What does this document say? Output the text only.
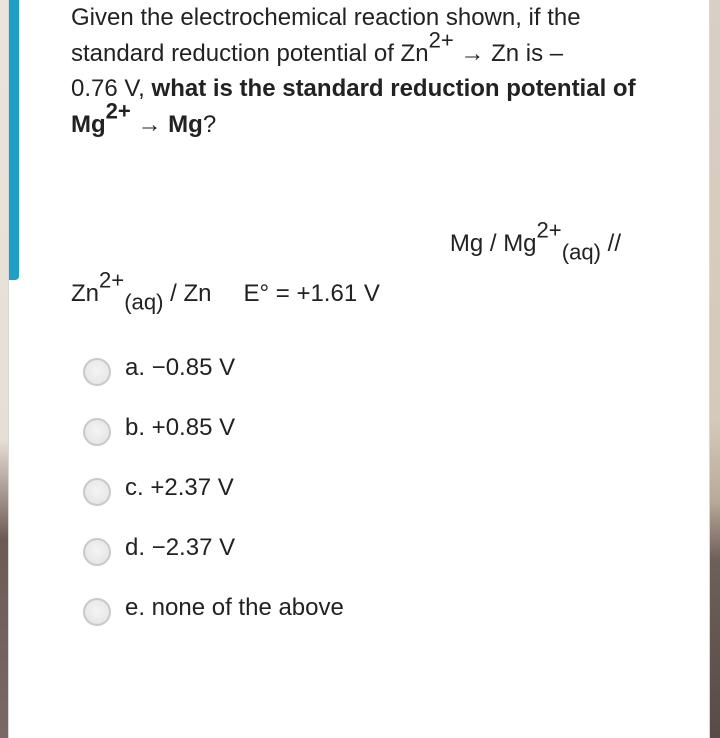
Given the electrochemical reaction shown, if the

standard reduction potential of $Zn^{2+} \to Zn$ is –

0.76 V, what is the standard reduction potential of

$Mg^{2+} \to Mg$?

Mg / $Mg^{2+}_{(aq)}$ //
$Zn^{2+}_{(aq)}$ / Zn E° = +1.61 V
a. −0.85 V
b. +0.85 V
c. +2.37 V
d. −2.37 V
e. none of the above
